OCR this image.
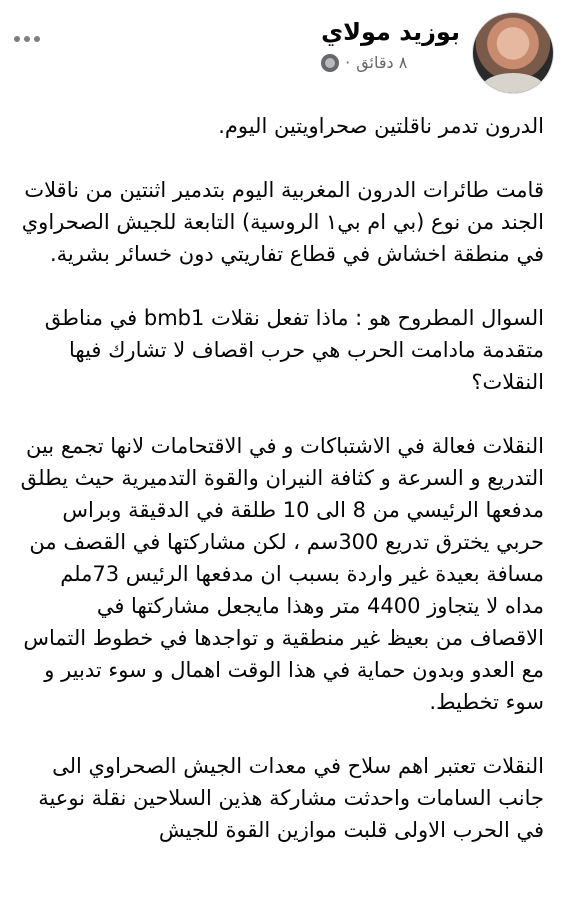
بوزيد مولاي
٨ دقائق
·

الدرون تدمر ناقلتين صحراويتين اليوم.

قامت طائرات الدرون المغربية اليوم بتدمير اثنتين من ناقلات الجند من نوع (بي ام بي١ الروسية) التابعة للجيش الصحراوي في منطقة اخشاش في قطاع تفاريتي دون خسائر بشرية.

السوال المطروح هو : ماذا تفعل نقلات bmb1 في مناطق متقدمة مادامت الحرب هي حرب اقصاف لا تشارك فيها النقلات؟

النقلات فعالة في الاشتباكات و في الاقتحامات لانها تجمع بين التدريع و السرعة و كثافة النيران والقوة التدميرية حيث يطلق مدفعها الرئيسي من 8 الى 10 طلقة في الدقيقة وبراس حربي يخترق تدريع 300سم ، لكن مشاركتها في القصف من مسافة بعيدة غير واردة بسبب ان مدفعها الرئيس 73ملم مداه لا يتجاوز 4400 متر وهذا مايجعل مشاركتها في الاقصاف من بعيظ غير منطقية و تواجدها في خطوط التماس مع العدو وبدون حماية في هذا الوقت اهمال و سوء تدبير و سوء تخطيط.

النقلات تعتبر اهم سلاح في معدات الجيش الصحراوي الى جانب السامات واحدثت مشاركة هذين السلاحين نقلة نوعية في الحرب الاولى قلبت موازين القوة للجيش
